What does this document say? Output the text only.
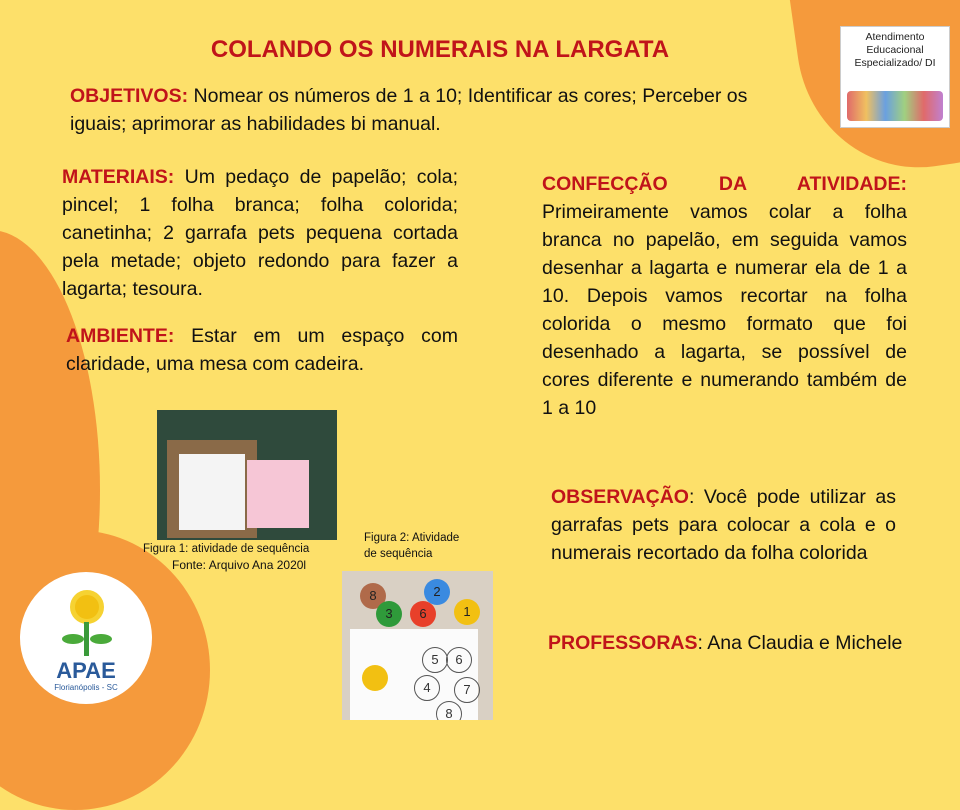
COLANDO OS NUMERAIS NA LARGATA	Atendimento
Educacional
Especializado/ DI
OBJETIVOS: Nomear os números de 1 a 10; Identificar as cores; Perceber os iguais; aprimorar as habilidades bi manual.
MATERIAIS: Um pedaço de papelão; cola; pincel; 1 folha branca; folha colorida; canetinha; 2 garrafa pets pequena cortada pela metade; objeto redondo para fazer a lagarta; tesoura.
AMBIENTE: Estar em um espaço com claridade, uma mesa com cadeira.
CONFECÇÃO DA ATIVIDADE: Primeiramente vamos colar a folha branca no papelão, em seguida vamos desenhar a lagarta e numerar ela de 1 a 10. Depois vamos recortar na folha colorida o mesmo formato que foi desenhado a lagarta, se possível de cores diferente e numerando também de 1 a 10
OBSERVAÇÃO: Você pode utilizar as garrafas pets para colocar a cola e o numerais recortado da folha colorida
PROFESSORAS: Ana Claudia e Michele
Figura 1: atividade de sequência
Fonte: Arquivo Ana 2020l
Figura 2: Atividade
de sequência
8	2
6
3	1
5	6
7
4
8
APAE
Florianópolis - SC
